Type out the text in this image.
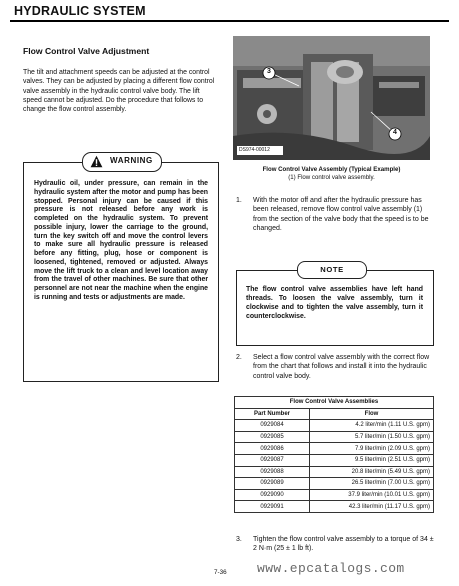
HYDRAULIC SYSTEM
Flow Control Valve Adjustment
The tilt and attachment speeds can be adjusted at the control valves. They can be adjusted by placing a different flow control valve assembly in the hydraulic control valve body. The lift speed cannot be adjusted. Do the procedure that follows to change the flow control assembly.
WARNING
Hydraulic oil, under pressure, can remain in the hydraulic system after the motor and pump has been stopped. Personal injury can be caused if this pressure is not released before any work is completed on the hydraulic system. To prevent possible injury, lower the carriage to the ground, turn the key switch off and move the control levers to make sure all hydraulic pressure is released before any fitting, plug, hose or component is loosened, tightened, removed or adjusted. Always move the lift truck to a clean and level location away from the travel of other machines. Be sure that other personnel are not near the machine when the engine is running and tests or adjustments are made.
3
4
DS974-00012
Flow Control Valve Assembly (Typical Example)
(1) Flow control valve assembly.
1. With the motor off and after the hydraulic pressure has been released, remove flow control valve assembly (1) from the section of the valve body that the speed is to be changed.
NOTE
The flow control valve assemblies have left hand threads. To loosen the valve assembly, turn it clockwise and to tighten the valve assembly, turn it counterclockwise.
2. Select a flow control valve assembly with the correct flow from the chart that follows and install it into the hydraulic control valve body.
Flow Control Valve Assemblies	
Part Number	Flow
0929084	4.2 liter/min (1.11 U.S. gpm)
0929085	5.7 liter/min (1.50 U.S. gpm)
0929086	7.9 liter/min (2.09 U.S. gpm)
0929087	9.5 liter/min (2.51 U.S. gpm)
0929088	20.8 liter/min (5.49 U.S. gpm)
0929089	26.5 liter/min (7.00 U.S. gpm)
0929090	37.9 liter/min (10.01 U.S. gpm)
0929091	42.3 liter/min (11.17 U.S. gpm)
3. Tighten the flow control valve assembly to a torque of 34 ± 2 N·m (25 ± 1 lb ft).
7-36 www.epcatalogs.com
